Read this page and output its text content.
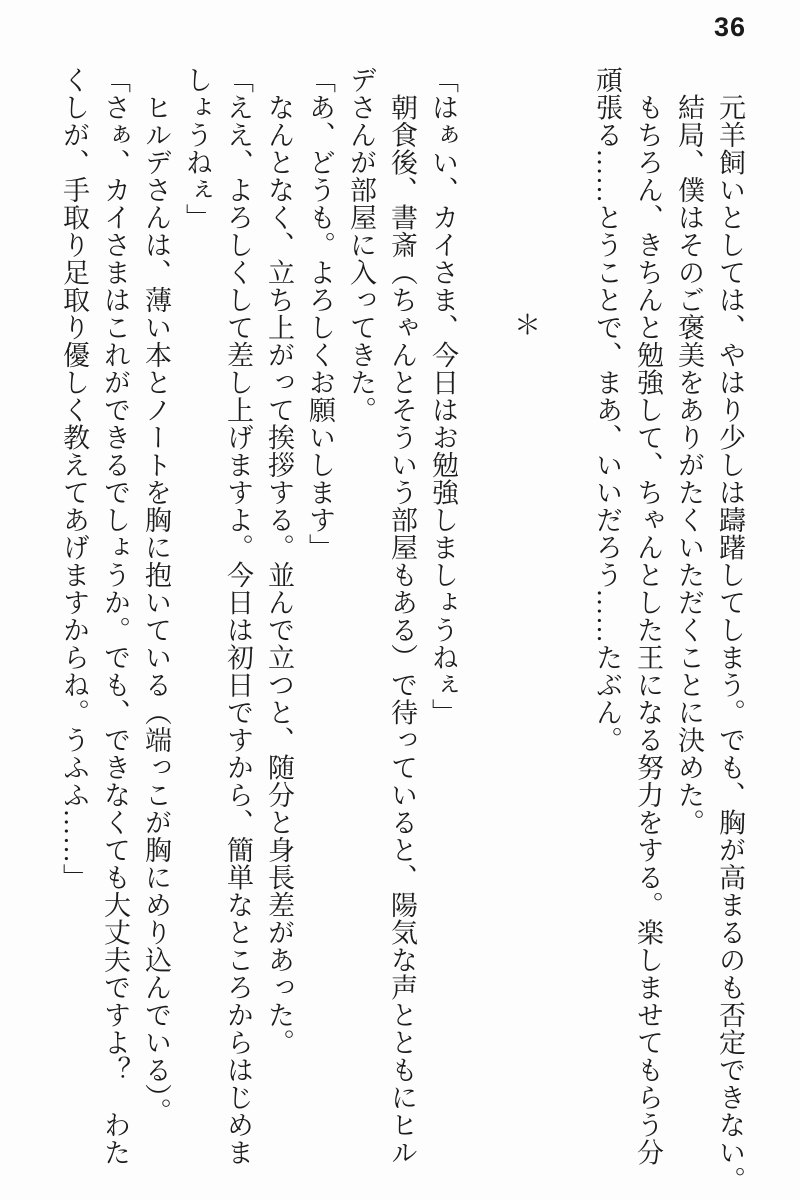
36
　元羊飼いとしては、やはり少しは躊躇してしまう。でも、胸が高まるのも否定できない。
　結局、僕はそのご褒美をありがたくいただくことに決めた。
　もちろん、きちんと勉強して、ちゃんとした王になる努力をする。楽しませてもらう分
頑張る……とうことで、まあ、いいだろう……たぶん。
＊
「はぁい、カイさま、今日はお勉強しましょうねぇ」
　朝食後、書斎（ちゃんとそういう部屋もある）で待っていると、陽気な声とともにヒル
デさんが部屋に入ってきた。
「あ、どうも。よろしくお願いします」
　なんとなく、立ち上がって挨拶する。並んで立つと、随分と身長差があった。
「ええ、よろしくして差し上げますよ。今日は初日ですから、簡単なところからはじめま
しょうねぇ」
　ヒルデさんは、薄い本とノートを胸に抱いている（端っこが胸にめり込んでいる）。
「さぁ、カイさまはこれができるでしょうか。でも、できなくても大丈夫ですよ？　わた
くしが、手取り足取り優しく教えてあげますからね。うふふ……」
